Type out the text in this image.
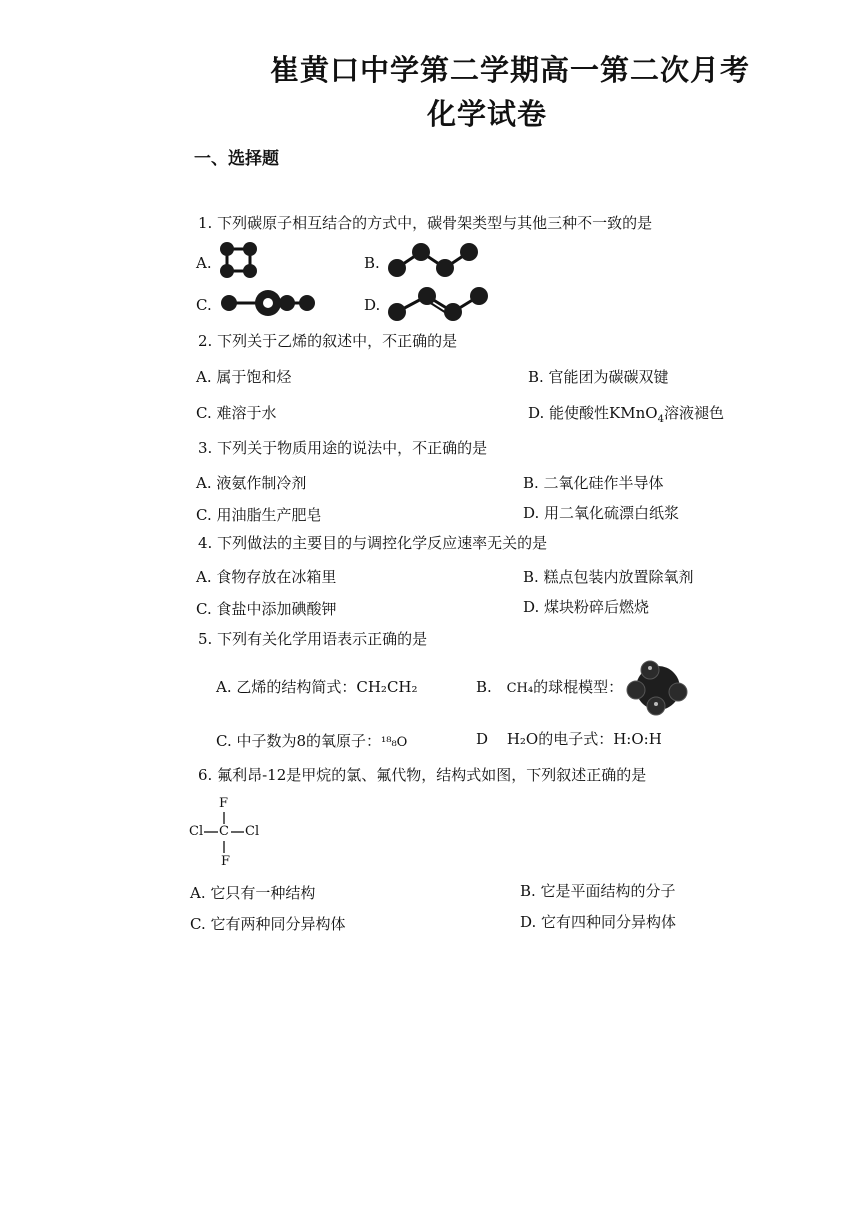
崔黄口中学第二学期高一第二次月考
化学试卷
一、选择题
1. 下列碳原子相互结合的方式中，碳骨架类型与其他三种不一致的是
A.	B.
C.	D.
2. 下列关于乙烯的叙述中，不正确的是
A. 属于饱和烃	B. 官能团为碳碳双键
C. 难溶于水	D. 能使酸性KMnO$_4$溶液褪色
3. 下列关于物质用途的说法中，不正确的是
A. 液氨作制冷剂	B. 二氧化硅作半导体
C. 用油脂生产肥皂	D. 用二氧化硫漂白纸浆
4. 下列做法的主要目的与调控化学反应速率无关的是
A. 食物存放在冰箱里	B. 糕点包装内放置除氧剂
C. 食盐中添加碘酸钾	D. 煤块粉碎后燃烧
5. 下列有关化学用语表示正确的是
A. 乙烯的结构简式：CH₂CH₂	B. CH₄的球棍模型：
C. 中子数为8的氧原子：¹⁸₈O	D H₂O的电子式：H:O:H
6. 氟利昂-12是甲烷的氯、氟代物，结构式如图，下列叙述正确的是
F
Cl C Cl
F
A. 它只有一种结构	B. 它是平面结构的分子
C. 它有两种同分异构体	D. 它有四种同分异构体
